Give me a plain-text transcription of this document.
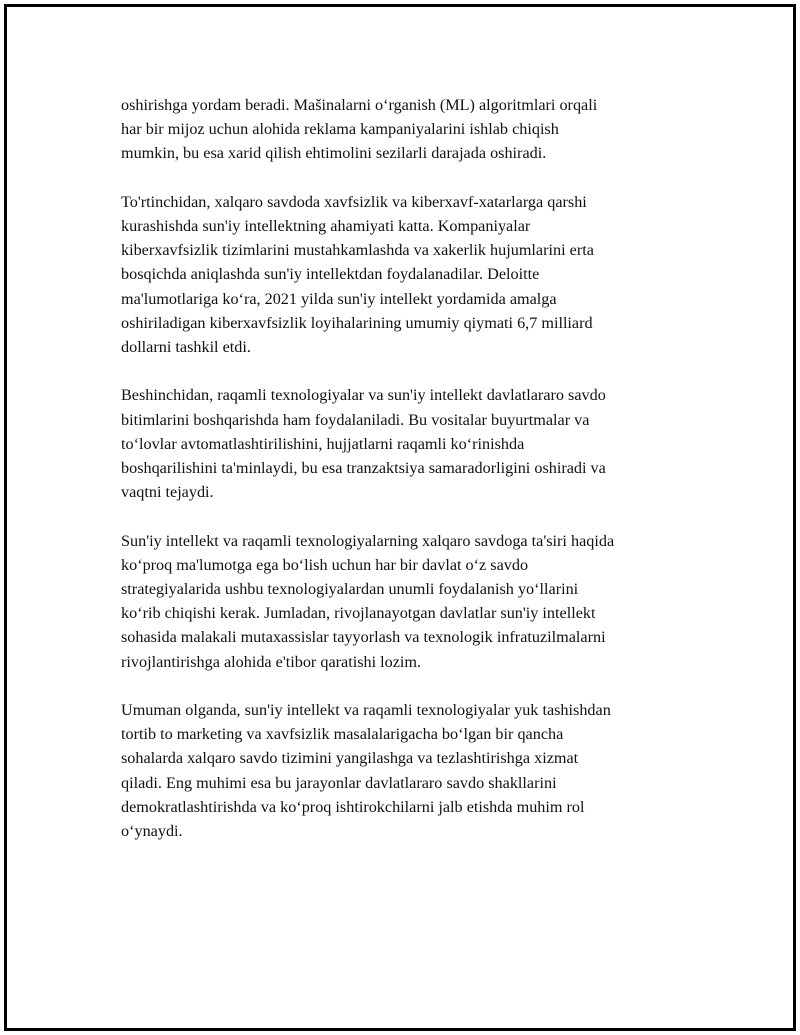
oshirishga yordam beradi. Mašinalarni oʻrganish (ML) algoritmlari orqali
har bir mijoz uchun alohida reklama kampaniyalarini ishlab chiqish
mumkin, bu esa xarid qilish ehtimolini sezilarli darajada oshiradi.

To'rtinchidan, xalqaro savdoda xavfsizlik va kiberxavf-xatarlarga qarshi
kurashishda sun'iy intellektning ahamiyati katta. Kompaniyalar
kiberxavfsizlik tizimlarini mustahkamlashda va xakerlik hujumlarini erta
bosqichda aniqlashda sun'iy intellektdan foydalanadilar. Deloitte
ma'lumotlariga koʻra, 2021 yilda sun'iy intellekt yordamida amalga
oshiriladigan kiberxavfsizlik loyihalarining umumiy qiymati 6,7 milliard
dollarni tashkil etdi.

Beshinchidan, raqamli texnologiyalar va sun'iy intellekt davlatlararo savdo
bitimlarini boshqarishda ham foydalaniladi. Bu vositalar buyurtmalar va
toʻlovlar avtomatlashtirilishini, hujjatlarni raqamli koʻrinishda
boshqarilishini ta'minlaydi, bu esa tranzaktsiya samaradorligini oshiradi va
vaqtni tejaydi.

Sun'iy intellekt va raqamli texnologiyalarning xalqaro savdoga ta'siri haqida
koʻproq ma'lumotga ega boʻlish uchun har bir davlat oʻz savdo
strategiyalarida ushbu texnologiyalardan unumli foydalanish yoʻllarini
koʻrib chiqishi kerak. Jumladan, rivojlanayotgan davlatlar sun'iy intellekt
sohasida malakali mutaxassislar tayyorlash va texnologik infratuzilmalarni
rivojlantirishga alohida e'tibor qaratishi lozim.

Umuman olganda, sun'iy intellekt va raqamli texnologiyalar yuk tashishdan
tortib to marketing va xavfsizlik masalalarigacha boʻlgan bir qancha
sohalarda xalqaro savdo tizimini yangilashga va tezlashtirishga xizmat
qiladi. Eng muhimi esa bu jarayonlar davlatlararo savdo shakllarini
demokratlashtirishda va koʻproq ishtirokchilarni jalb etishda muhim rol
oʻynaydi.
